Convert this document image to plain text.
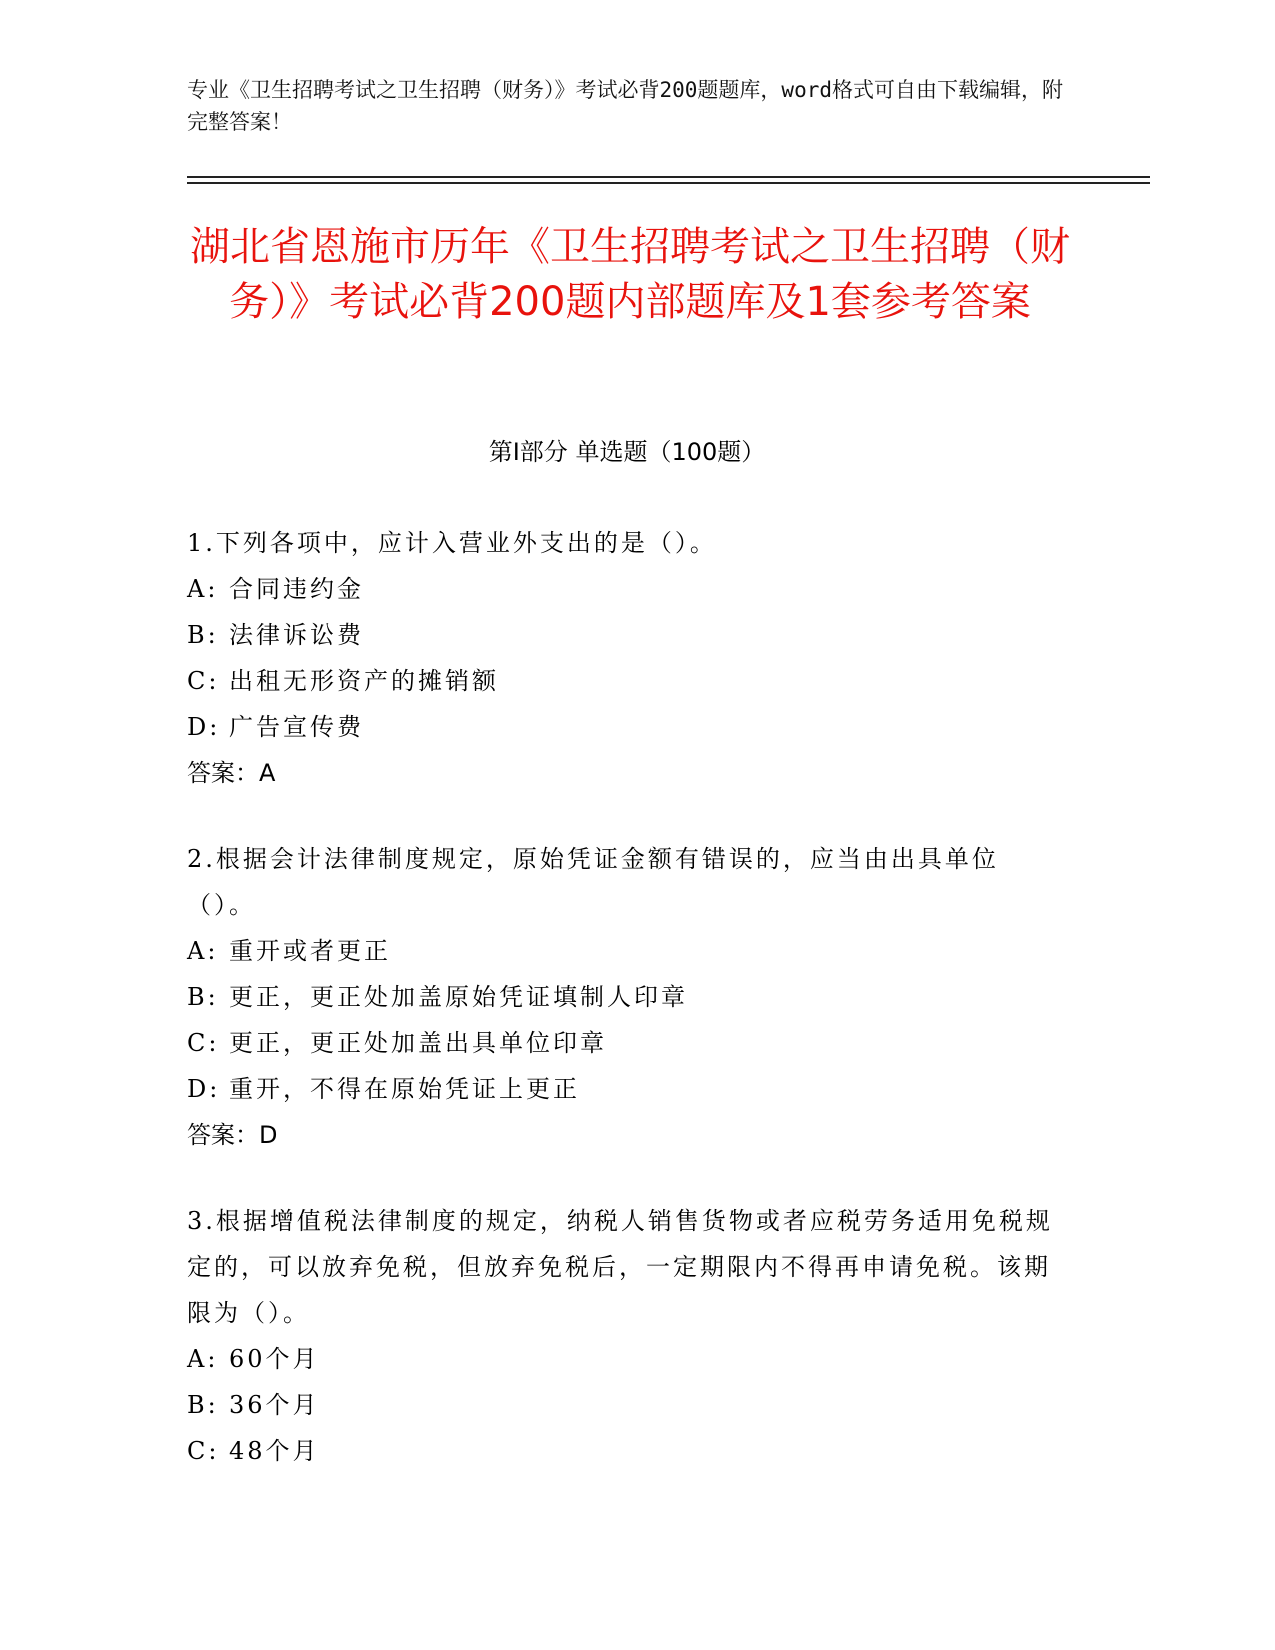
专业《卫生招聘考试之卫生招聘（财务）》考试必背200题题库，word格式可自由下载编辑，附完整答案！
湖北省恩施市历年《卫生招聘考试之卫生招聘（财务）》考试必背200题内部题库及1套参考答案
第Ⅰ部分 单选题（100题）

1.下列各项中，应计入营业外支出的是（）。

A: 合同违约金

B: 法律诉讼费

C: 出租无形资产的摊销额

D: 广告宣传费

答案：A

2.根据会计法律制度规定，原始凭证金额有错误的，应当由出具单位（）。

A: 重开或者更正

B: 更正，更正处加盖原始凭证填制人印章

C: 更正，更正处加盖出具单位印章

D: 重开，不得在原始凭证上更正

答案：D

3.根据增值税法律制度的规定，纳税人销售货物或者应税劳务适用免税规定的，可以放弃免税，但放弃免税后，一定期限内不得再申请免税。该期限为（）。

A: 60个月

B: 36个月

C: 48个月
